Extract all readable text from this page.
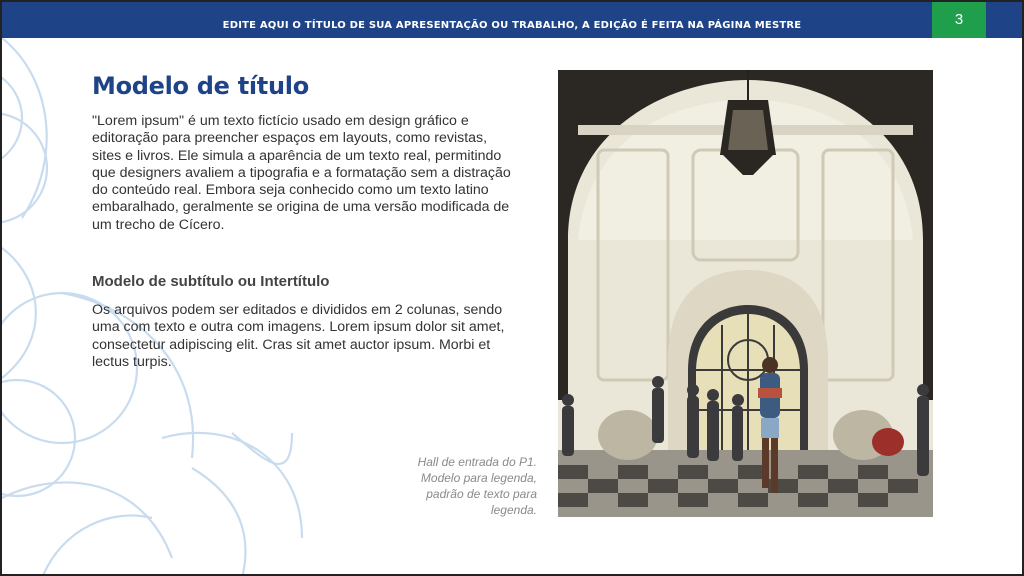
EDITE AQUI O TÍTULO DE SUA APRESENTAÇÃO OU TRABALHO, A EDIÇÃO É FEITA NA PÁGINA MESTRE	3
Modelo de título
"Lorem ipsum" é um texto fictício usado em design gráfico e editoração para preencher espaços em layouts, como revistas, sites e livros. Ele simula a aparência de um texto real, permitindo que designers avaliem a tipografia e a formatação sem a distração do conteúdo real. Embora seja conhecido como um texto latino embaralhado, geralmente se origina de uma versão modificada de um trecho de Cícero.
Modelo de subtítulo ou Intertítulo
Os arquivos podem ser editados e divididos em 2 colunas, sendo uma com texto e outra com imagens. Lorem ipsum dolor sit amet, consectetur adipiscing elit. Cras sit amet auctor ipsum. Morbi et lectus turpis.
Hall de entrada do P1.
Modelo para legenda,
padrão de texto para
legenda.
